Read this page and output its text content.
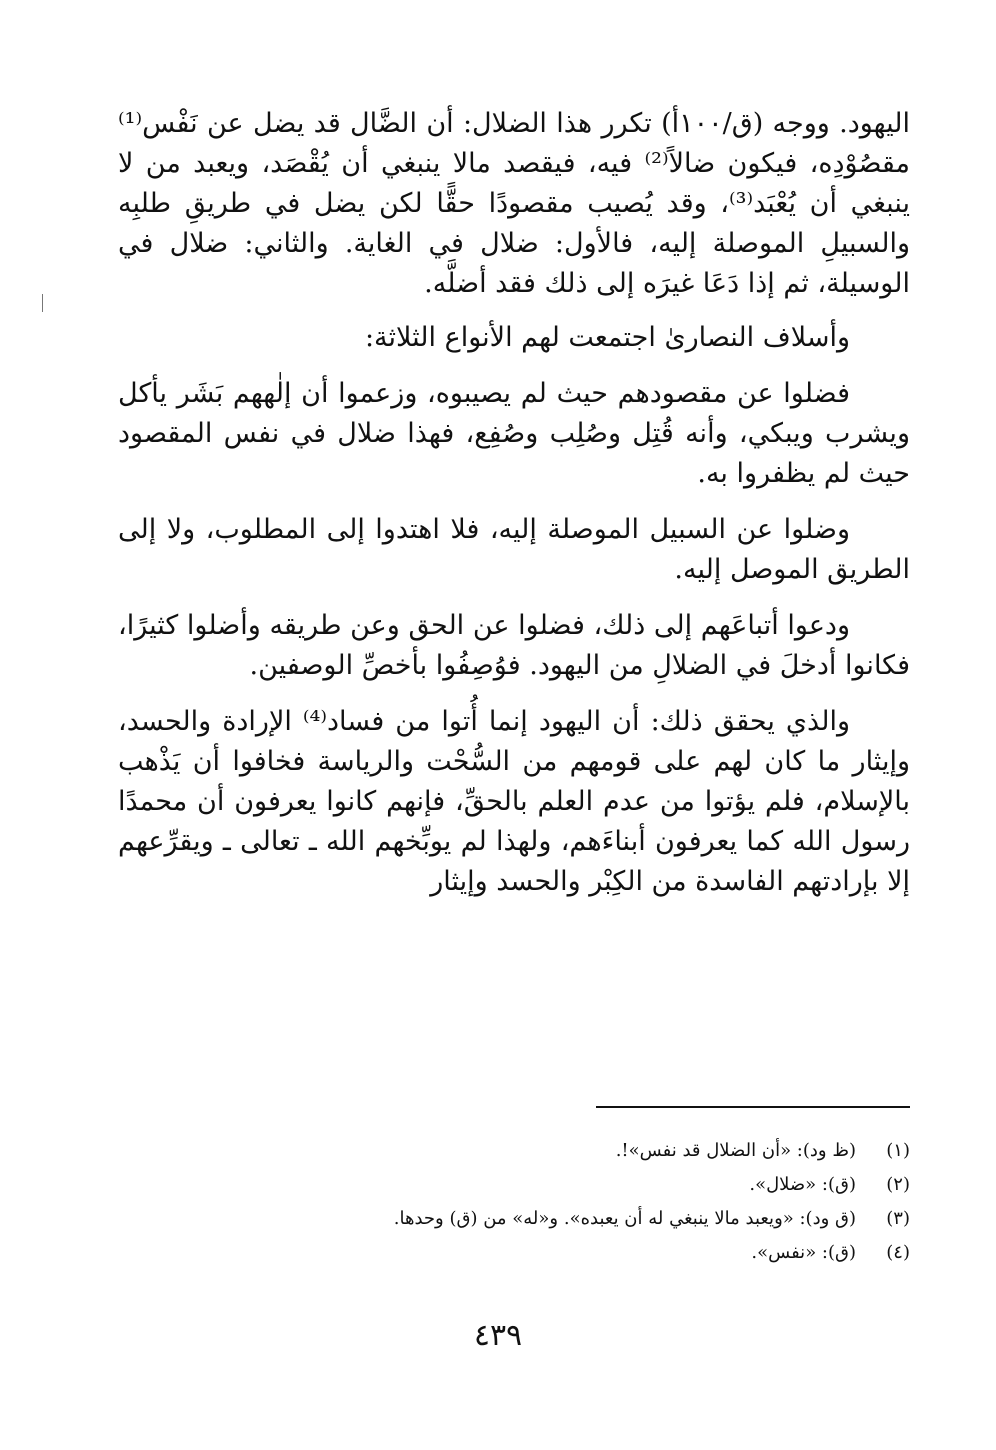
اليهود. ووجه (ق/١٠٠أ) تكرر هذا الضلال: أن الضَّال قد يضل عن نَفْس⁽¹⁾ مقصُوْدِه، فيكون ضالاً⁽²⁾ فيه، فيقصد مالا ينبغي أن يُقْصَد، ويعبد من لا ينبغي أن يُعْبَد⁽³⁾، وقد يُصيب مقصودًا حقًّا لكن يضل في طريقِ طلبِه والسبيلِ الموصلة إليه، فالأول: ضلال في الغاية. والثاني: ضلال في الوسيلة، ثم إذا دَعَا غيرَه إلى ذلك فقد أضلَّه.

وأسلاف النصارىٰ اجتمعت لهم الأنواع الثلاثة:

فضلوا عن مقصودهم حيث لم يصيبوه، وزعموا أن إلٰههم بَشَر يأكل ويشرب ويبكي، وأنه قُتِل وصُلِب وصُفِع، فهذا ضلال في نفس المقصود حيث لم يظفروا به.

وضلوا عن السبيل الموصلة إليه، فلا اهتدوا إلى المطلوب، ولا إلى الطريق الموصل إليه.

ودعوا أتباعَهم إلى ذلك، فضلوا عن الحق وعن طريقه وأضلوا كثيرًا، فكانوا أدخلَ في الضلالِ من اليهود. فوُصِفُوا بأخصِّ الوصفين.

والذي يحقق ذلك: أن اليهود إنما أُتوا من فساد⁽⁴⁾ الإرادة والحسد، وإيثار ما كان لهم على قومهم من السُّحْت والرياسة فخافوا أن يَذْهب بالإسلام، فلم يؤتوا من عدم العلم بالحقِّ، فإنهم كانوا يعرفون أن محمدًا رسول الله كما يعرفون أبناءَهم، ولهذا لم يوبِّخهم الله ـ تعالى ـ ويقرِّعهم إلا بإرادتهم الفاسدة من الكِبْر والحسد وإيثار

(١)(ظ ود): «أن الضلال قد نفس»!.
(٢)(ق): «ضلال».
(٣)(ق ود): «ويعبد مالا ينبغي له أن يعبده». و«له» من (ق) وحدها.
(٤)(ق): «نفس».
٤٣٩
